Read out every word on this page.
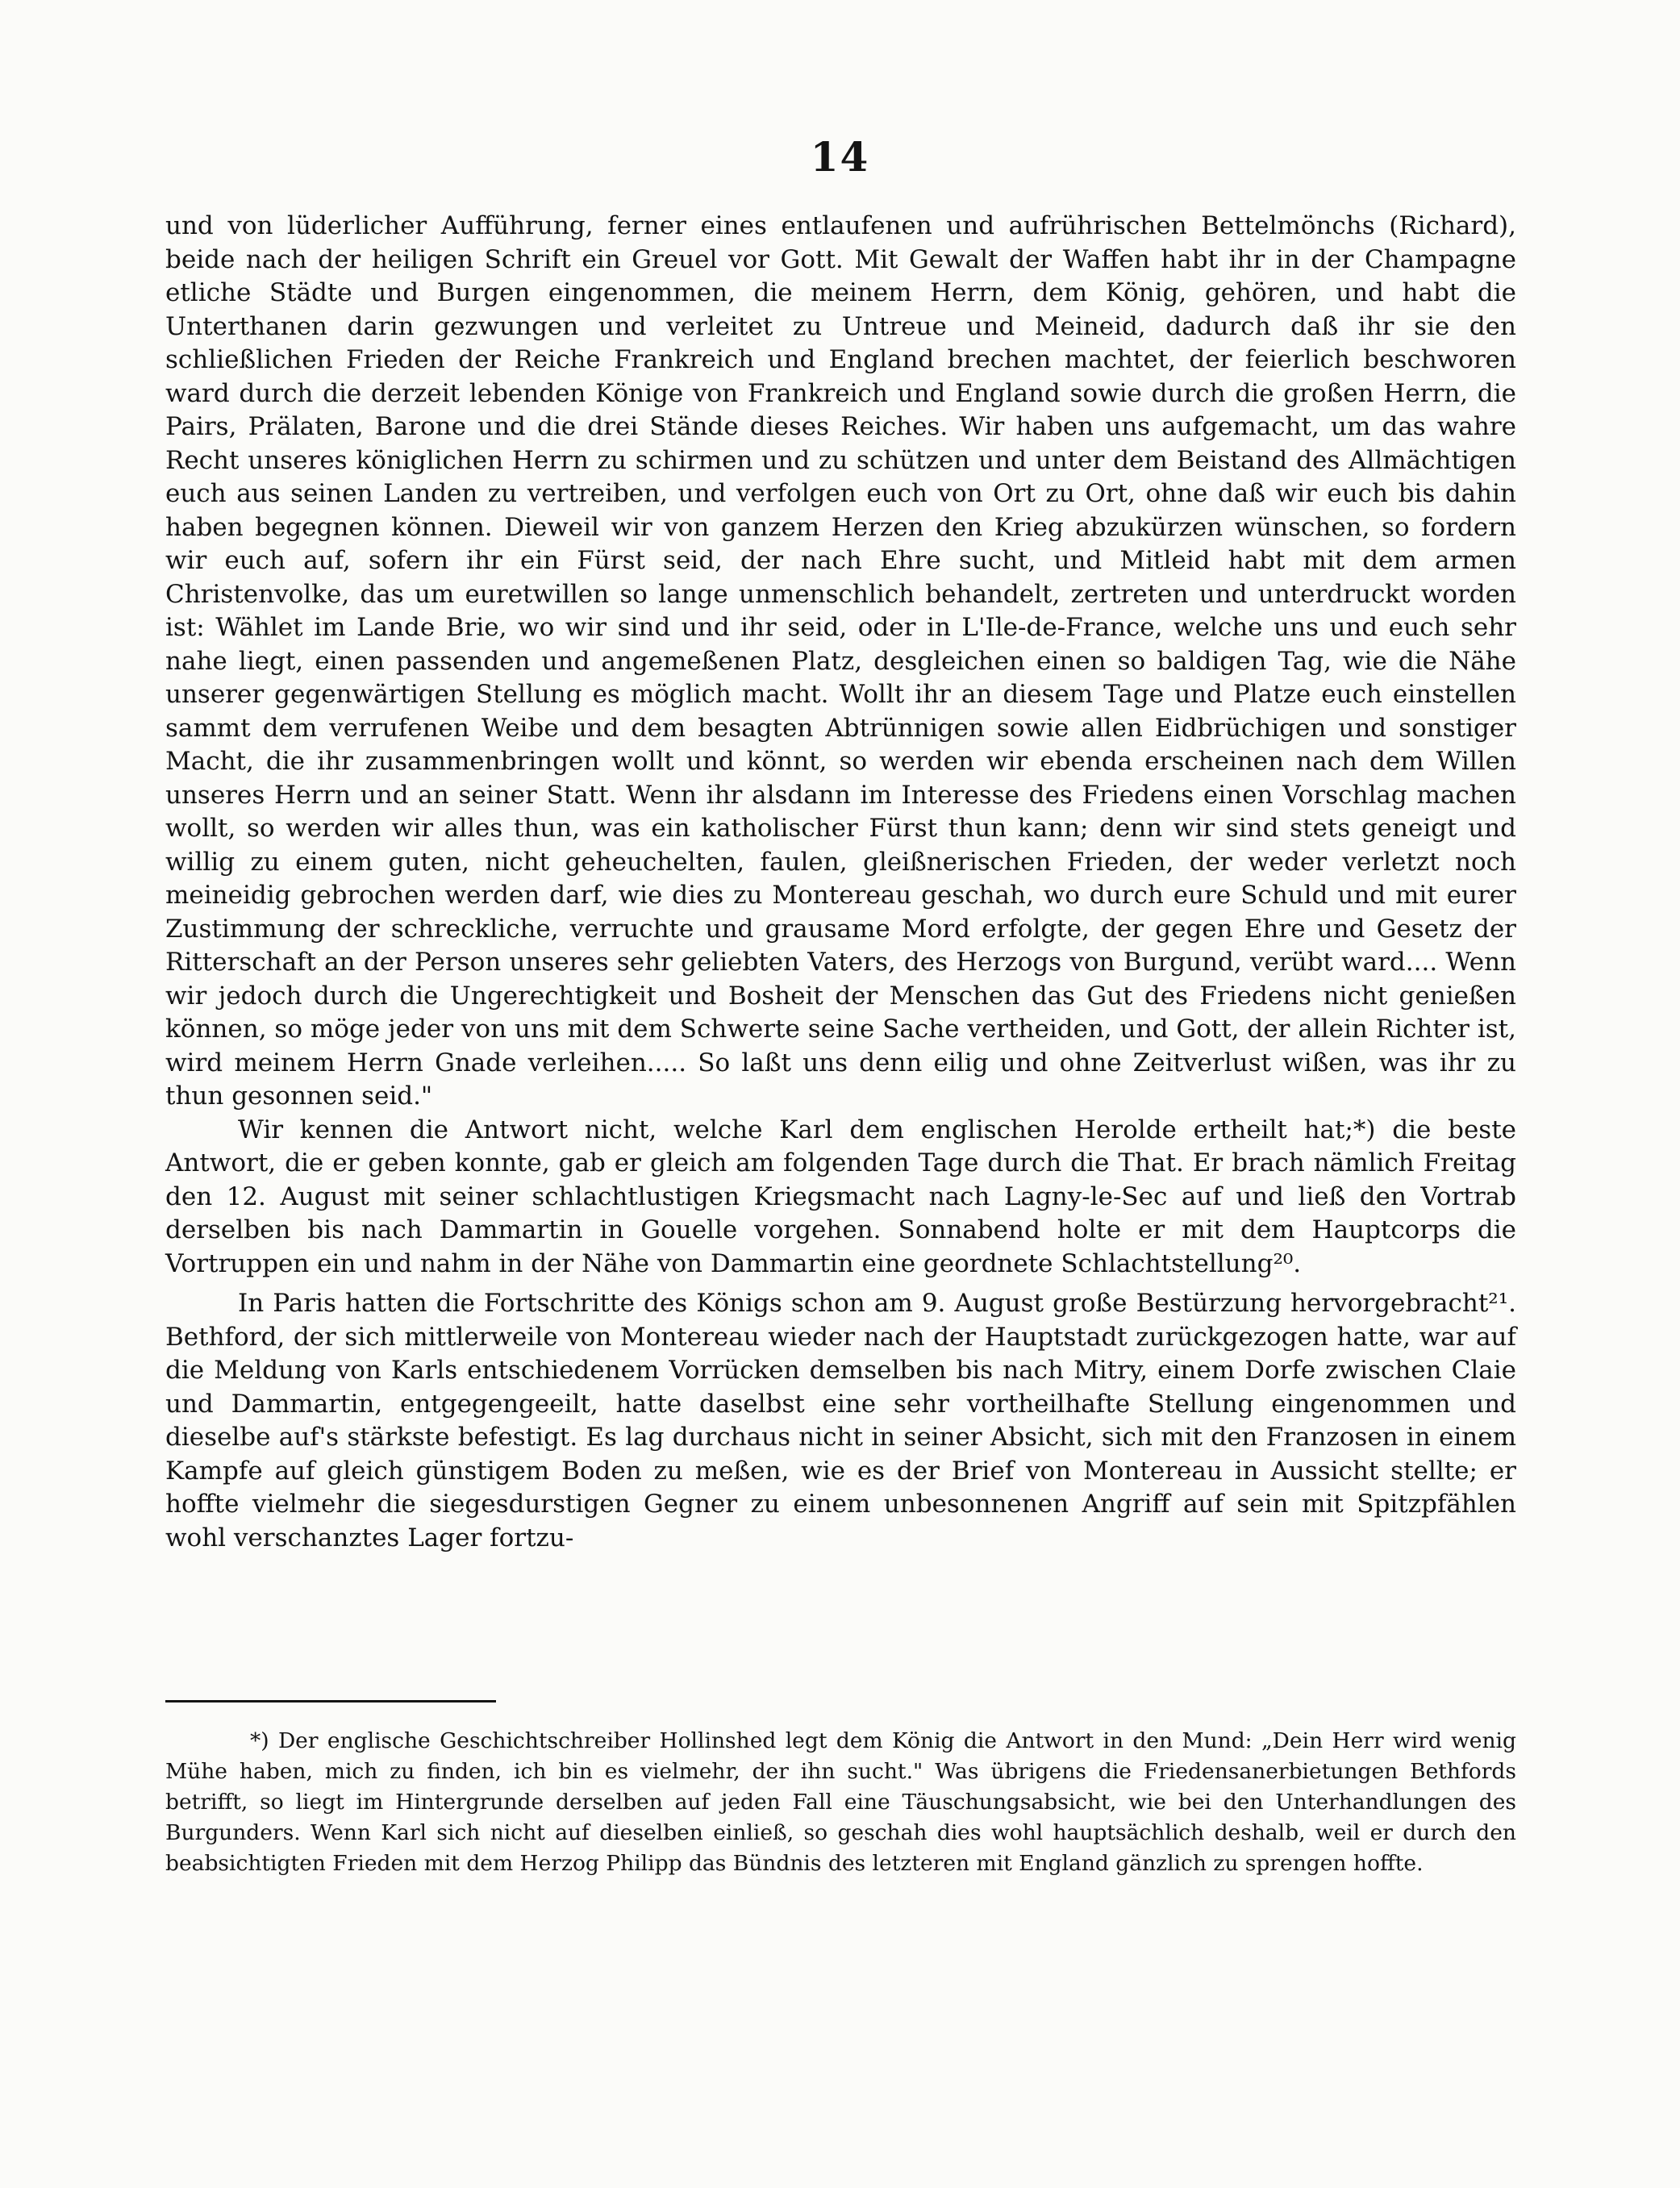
14

und von lüderlicher Aufführung, ferner eines entlaufenen und aufrührischen Bettelmönchs (Richard), beide nach der heiligen Schrift ein Greuel vor Gott. Mit Gewalt der Waffen habt ihr in der Champagne etliche Städte und Burgen eingenommen, die meinem Herrn, dem König, gehören, und habt die Unterthanen darin gezwungen und verleitet zu Untreue und Meineid, dadurch daß ihr sie den schließlichen Frieden der Reiche Frankreich und England brechen machtet, der feierlich beschworen ward durch die derzeit lebenden Könige von Frankreich und England sowie durch die großen Herrn, die Pairs, Prälaten, Barone und die drei Stände dieses Reiches. Wir haben uns aufgemacht, um das wahre Recht unseres königlichen Herrn zu schirmen und zu schützen und unter dem Beistand des Allmächtigen euch aus seinen Landen zu vertreiben, und verfolgen euch von Ort zu Ort, ohne daß wir euch bis dahin haben begegnen können. Dieweil wir von ganzem Herzen den Krieg abzukürzen wünschen, so fordern wir euch auf, sofern ihr ein Fürst seid, der nach Ehre sucht, und Mitleid habt mit dem armen Christenvolke, das um euretwillen so lange unmenschlich behandelt, zertreten und unterdruckt worden ist: Wählet im Lande Brie, wo wir sind und ihr seid, oder in L'Ile-de-France, welche uns und euch sehr nahe liegt, einen passenden und angemeßenen Platz, desgleichen einen so baldigen Tag, wie die Nähe unserer gegenwärtigen Stellung es möglich macht. Wollt ihr an diesem Tage und Platze euch einstellen sammt dem verrufenen Weibe und dem besagten Abtrünnigen sowie allen Eidbrüchigen und sonstiger Macht, die ihr zusammenbringen wollt und könnt, so werden wir ebenda erscheinen nach dem Willen unseres Herrn und an seiner Statt. Wenn ihr alsdann im Interesse des Friedens einen Vorschlag machen wollt, so werden wir alles thun, was ein katholischer Fürst thun kann; denn wir sind stets geneigt und willig zu einem guten, nicht geheuchelten, faulen, gleißnerischen Frieden, der weder verletzt noch meineidig gebrochen werden darf, wie dies zu Montereau geschah, wo durch eure Schuld und mit eurer Zustimmung der schreckliche, verruchte und grausame Mord erfolgte, der gegen Ehre und Gesetz der Ritterschaft an der Person unseres sehr geliebten Vaters, des Herzogs von Burgund, verübt ward.... Wenn wir jedoch durch die Ungerechtigkeit und Bosheit der Menschen das Gut des Friedens nicht genießen können, so möge jeder von uns mit dem Schwerte seine Sache vertheiden, und Gott, der allein Richter ist, wird meinem Herrn Gnade verleihen..... So laßt uns denn eilig und ohne Zeitverlust wißen, was ihr zu thun gesonnen seid."

Wir kennen die Antwort nicht, welche Karl dem englischen Herolde ertheilt hat;*) die beste Antwort, die er geben konnte, gab er gleich am folgenden Tage durch die That. Er brach nämlich Freitag den 12. August mit seiner schlachtlustigen Kriegsmacht nach Lagny-le-Sec auf und ließ den Vortrab derselben bis nach Dammartin in Gouelle vorgehen. Sonnabend holte er mit dem Hauptcorps die Vortruppen ein und nahm in der Nähe von Dammartin eine geordnete Schlachtstellung²⁰.

In Paris hatten die Fortschritte des Königs schon am 9. August große Bestürzung hervorgebracht²¹. Bethford, der sich mittlerweile von Montereau wieder nach der Hauptstadt zurückgezogen hatte, war auf die Meldung von Karls entschiedenem Vorrücken demselben bis nach Mitry, einem Dorfe zwischen Claie und Dammartin, entgegengeeilt, hatte daselbst eine sehr vortheilhafte Stellung eingenommen und dieselbe auf's stärkste befestigt. Es lag durchaus nicht in seiner Absicht, sich mit den Franzosen in einem Kampfe auf gleich günstigem Boden zu meßen, wie es der Brief von Montereau in Aussicht stellte; er hoffte vielmehr die siegesdurstigen Gegner zu einem unbesonnenen Angriff auf sein mit Spitzpfählen wohl verschanztes Lager fortzu-

*) Der englische Geschichtschreiber Hollinshed legt dem König die Antwort in den Mund: „Dein Herr wird wenig Mühe haben, mich zu finden, ich bin es vielmehr, der ihn sucht." Was übrigens die Friedensanerbietungen Bethfords betrifft, so liegt im Hintergrunde derselben auf jeden Fall eine Täuschungsabsicht, wie bei den Unterhandlungen des Burgunders. Wenn Karl sich nicht auf dieselben einließ, so geschah dies wohl hauptsächlich deshalb, weil er durch den beabsichtigten Frieden mit dem Herzog Philipp das Bündnis des letzteren mit England gänzlich zu sprengen hoffte.
